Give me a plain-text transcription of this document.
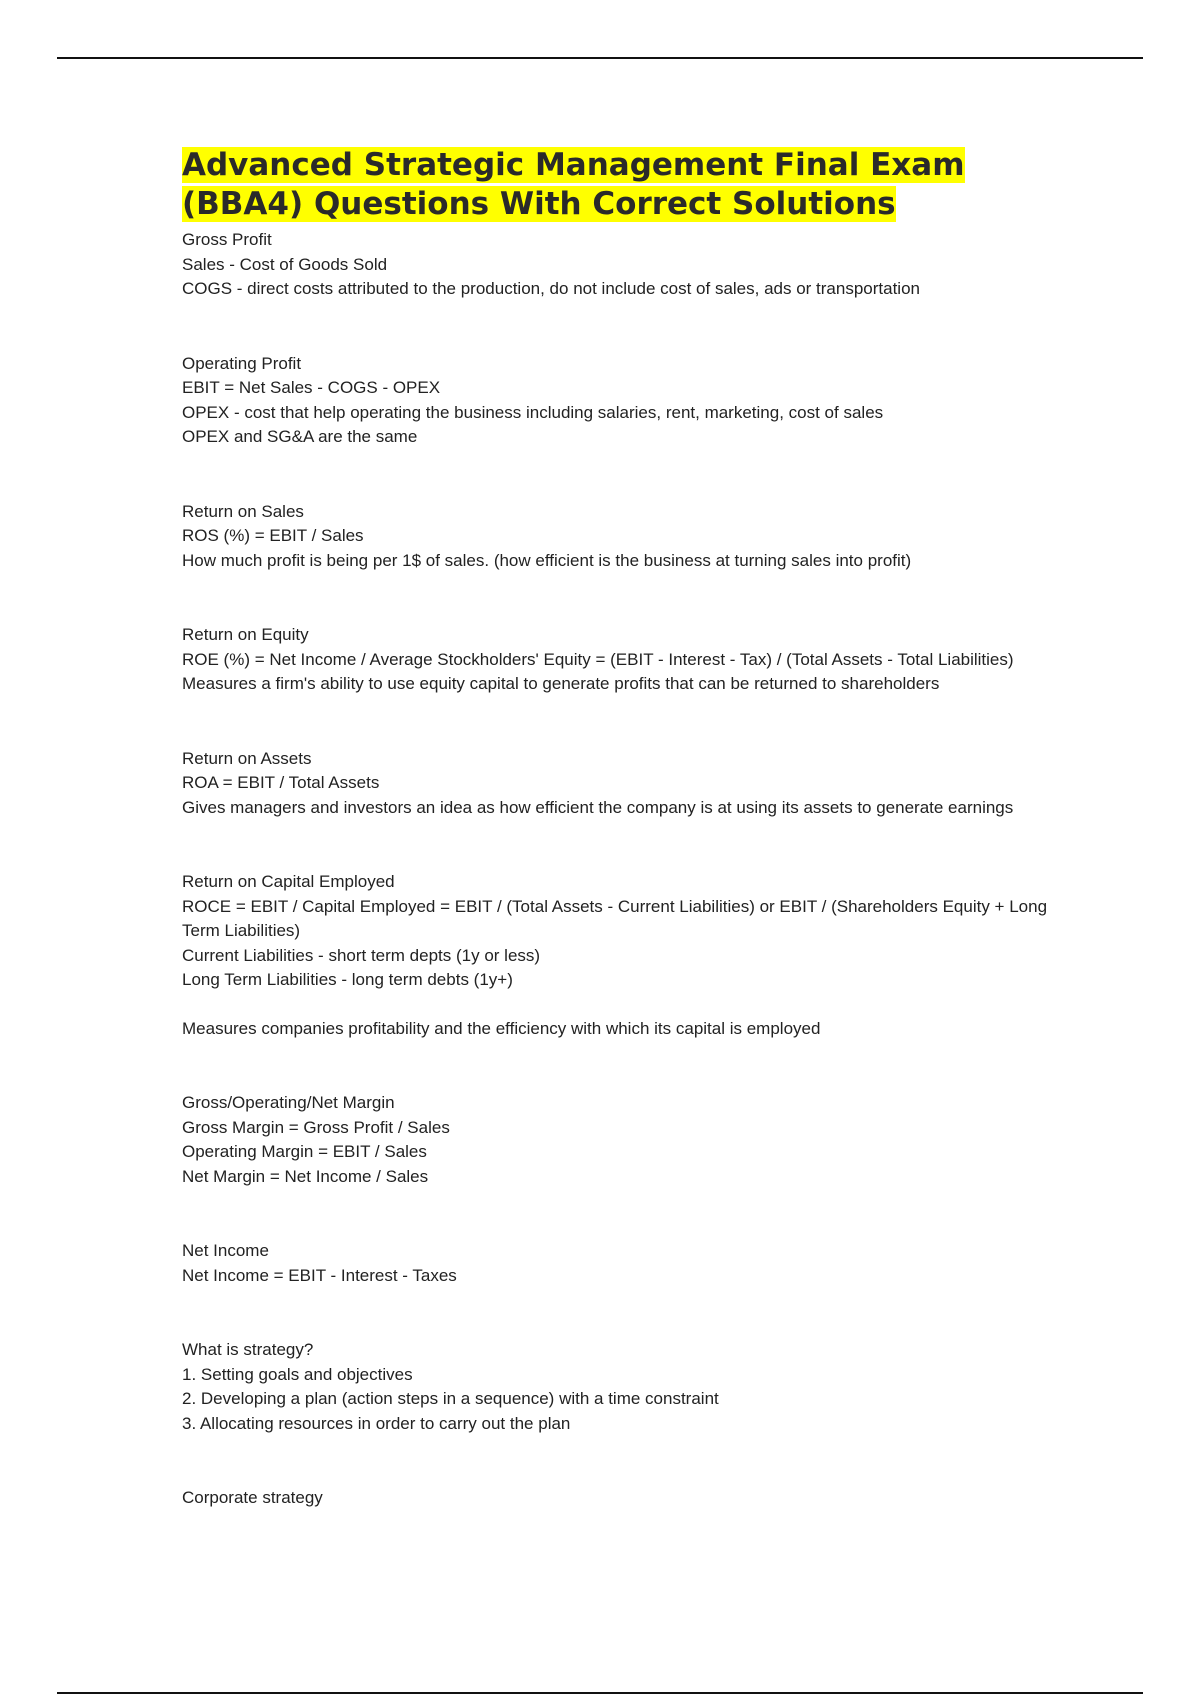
Advanced Strategic Management Final Exam (BBA4) Questions With Correct Solutions

Gross Profit

Sales - Cost of Goods Sold

COGS - direct costs attributed to the production, do not include cost of sales, ads or transportation

Operating Profit

EBIT = Net Sales - COGS - OPEX

OPEX - cost that help operating the business including salaries, rent, marketing, cost of sales

OPEX and SG&A are the same

Return on Sales

ROS (%) = EBIT / Sales

How much profit is being per 1$ of sales. (how efficient is the business at turning sales into profit)

Return on Equity

ROE (%) = Net Income / Average Stockholders' Equity = (EBIT - Interest - Tax) / (Total Assets - Total Liabilities)

Measures a firm's ability to use equity capital to generate profits that can be returned to shareholders

Return on Assets

ROA = EBIT / Total Assets

Gives managers and investors an idea as how efficient the company is at using its assets to generate earnings

Return on Capital Employed

ROCE = EBIT / Capital Employed = EBIT / (Total Assets - Current Liabilities) or EBIT / (Shareholders Equity + Long Term Liabilities)

Current Liabilities - short term depts (1y or less)

Long Term Liabilities - long term debts (1y+)

Measures companies profitability and the efficiency with which its capital is employed

Gross/Operating/Net Margin

Gross Margin = Gross Profit / Sales

Operating Margin = EBIT / Sales

Net Margin = Net Income / Sales

Net Income

Net Income = EBIT - Interest - Taxes

What is strategy?

1. Setting goals and objectives

2. Developing a plan (action steps in a sequence) with a time constraint

3. Allocating resources in order to carry out the plan

Corporate strategy
